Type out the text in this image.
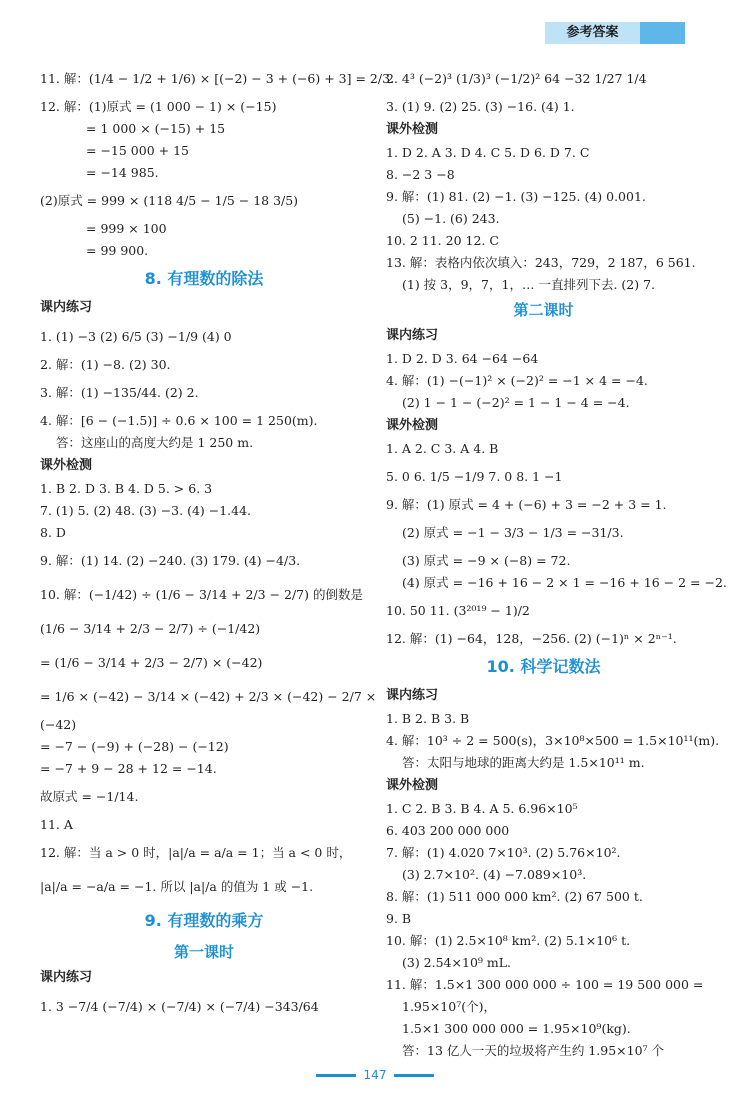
参考答案
11. 解：(1/4 − 1/2 + 1/6) × [(−2) − 3 + (−6) + 3] = 2/3.
12. 解：(1)原式 = (1 000 − 1) × (−15)
= 1 000 × (−15) + 15
= −15 000 + 15
= −14 985.
(2)原式 = 999 × (118 4/5 − 1/5 − 18 3/5)
= 999 × 100
= 99 900.
8. 有理数的除法
课内练习
1. (1) −3 (2) 6/5 (3) −1/9 (4) 0
2. 解：(1) −8. (2) 30.
3. 解：(1) −135/44. (2) 2.
4. 解：[6 − (−1.5)] ÷ 0.6 × 100 = 1 250(m).
答：这座山的高度大约是 1 250 m.
课外检测
1. B 2. D 3. B 4. D 5. > 6. 3
7. (1) 5. (2) 48. (3) −3. (4) −1.44.
8. D
9. 解：(1) 14. (2) −240. (3) 179. (4) −4/3.
10. 解：(−1/42) ÷ (1/6 − 3/14 + 2/3 − 2/7) 的倒数是
(1/6 − 3/14 + 2/3 − 2/7) ÷ (−1/42)
= (1/6 − 3/14 + 2/3 − 2/7) × (−42)
= 1/6 × (−42) − 3/14 × (−42) + 2/3 × (−42) − 2/7 ×
(−42)
= −7 − (−9) + (−28) − (−12)
= −7 + 9 − 28 + 12 = −14.
故原式 = −1/14.
11. A
12. 解：当 a > 0 时，|a|/a = a/a = 1；当 a < 0 时，
|a|/a = −a/a = −1. 所以 |a|/a 的值为 1 或 −1.
9. 有理数的乘方
第一课时
课内练习
1. 3 −7/4 (−7/4) × (−7/4) × (−7/4) −343/64
2. 4³ (−2)³ (1/3)³ (−1/2)² 64 −32 1/27 1/4
3. (1) 9. (2) 25. (3) −16. (4) 1.
课外检测
1. D 2. A 3. D 4. C 5. D 6. D 7. C
8. −2 3 −8
9. 解：(1) 81. (2) −1. (3) −125. (4) 0.001.
(5) −1. (6) 243.
10. 2 11. 20 12. C
13. 解：表格内依次填入：243，729，2 187，6 561.
(1) 按 3，9，7，1，… 一直排列下去. (2) 7.
第二课时
课内练习
1. D 2. D 3. 64 −64 −64
4. 解：(1) −(−1)² × (−2)² = −1 × 4 = −4.
(2) 1 − 1 − (−2)² = 1 − 1 − 4 = −4.
课外检测
1. A 2. C 3. A 4. B
5. 0 6. 1/5 −1/9 7. 0 8. 1 −1
9. 解：(1) 原式 = 4 + (−6) + 3 = −2 + 3 = 1.
(2) 原式 = −1 − 3/3 − 1/3 = −31/3.
(3) 原式 = −9 × (−8) = 72.
(4) 原式 = −16 + 16 − 2 × 1 = −16 + 16 − 2 = −2.
10. 50 11. (3²⁰¹⁹ − 1)/2
12. 解：(1) −64，128，−256. (2) (−1)ⁿ × 2ⁿ⁻¹.
10. 科学记数法
课内练习
1. B 2. B 3. B
4. 解：10³ ÷ 2 = 500(s)，3×10⁸×500 = 1.5×10¹¹(m).
答：太阳与地球的距离大约是 1.5×10¹¹ m.
课外检测
1. C 2. B 3. B 4. A 5. 6.96×10⁵
6. 403 200 000 000
7. 解：(1) 4.020 7×10³. (2) 5.76×10².
(3) 2.7×10². (4) −7.089×10³.
8. 解：(1) 511 000 000 km². (2) 67 500 t.
9. B
10. 解：(1) 2.5×10⁸ km². (2) 5.1×10⁶ t.
(3) 2.54×10⁹ mL.
11. 解：1.5×1 300 000 000 ÷ 100 = 19 500 000 =
1.95×10⁷(个)，
1.5×1 300 000 000 = 1.95×10⁹(kg).
答：13 亿人一天的垃圾将产生约 1.95×10⁷ 个
147
